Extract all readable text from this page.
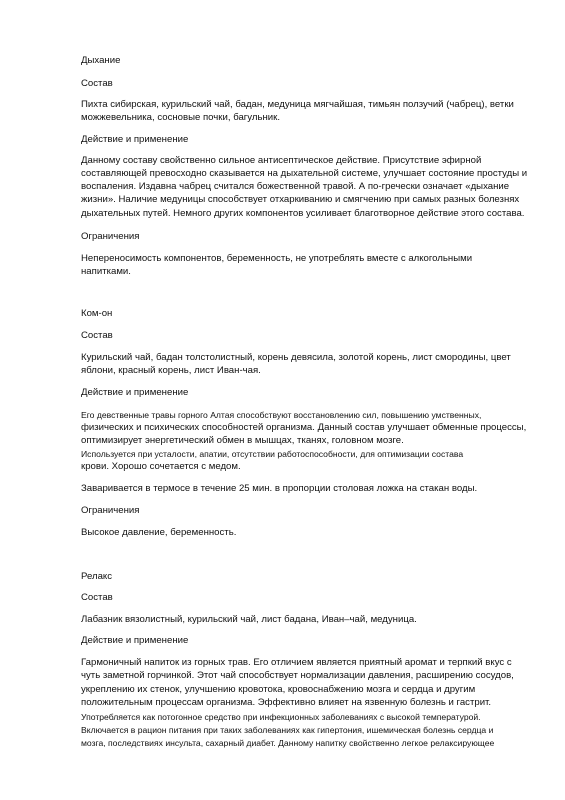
Дыхание
Состав
Пихта сибирская, курильский чай, бадан, медуница мягчайшая, тимьян ползучий (чабрец), ветки
можжевельника, сосновые почки, багульник.
Действие и применение
Данному составу свойственно сильное антисептическое действие. Присутствие эфирной
составляющей превосходно сказывается на дыхательной системе, улучшает состояние простуды и
воспаления. Издавна чабрец считался божественной травой. А по-гречески означает «дыхание
жизни». Наличие медуницы способствует отхаркиванию и смягчению при самых разных болезнях
дыхательных путей. Немного других компонентов усиливает благотворное действие этого состава.
Ограничения
Непереносимость компонентов, беременность, не употреблять вместе с алкогольными
напитками.
Ком-он
Состав
Курильский чай, бадан толстолистный, корень девясила, золотой корень, лист смородины, цвет
яблони, красный корень, лист Иван-чая.
Действие и применение
Его девственные травы горного Алтая способствуют восстановлению сил, повышению умственных,
физических и психических способностей организма. Данный состав улучшает обменные процессы,
оптимизирует энергетический обмен в мышцах, тканях, головном мозге.
Используется при усталости, апатии, отсутствии работоспособности, для оптимизации состава
крови. Хорошо сочетается с медом.
Заваривается в термосе в течение 25 мин. в пропорции столовая ложка на стакан воды.
Ограничения
Высокое давление, беременность.
Релакс
Состав
Лабазник вязолистный, курильский чай, лист бадана, Иван–чай, медуница.
Действие и применение
Гармоничный напиток из горных трав. Его отличием является приятный аромат и терпкий вкус с
чуть заметной горчинкой. Этот чай способствует нормализации давления, расширению сосудов,
укреплению их стенок, улучшению кровотока, кровоснабжению мозга и сердца и другим
положительным процессам организма. Эффективно влияет на язвенную болезнь и гастрит.
Употребляется как потогонное средство при инфекционных заболеваниях с высокой температурой.
Включается в рацион питания при таких заболеваниях как гипертония, ишемическая болезнь сердца и
мозга, последствиях инсульта, сахарный диабет. Данному напитку свойственно легкое релаксирующее
